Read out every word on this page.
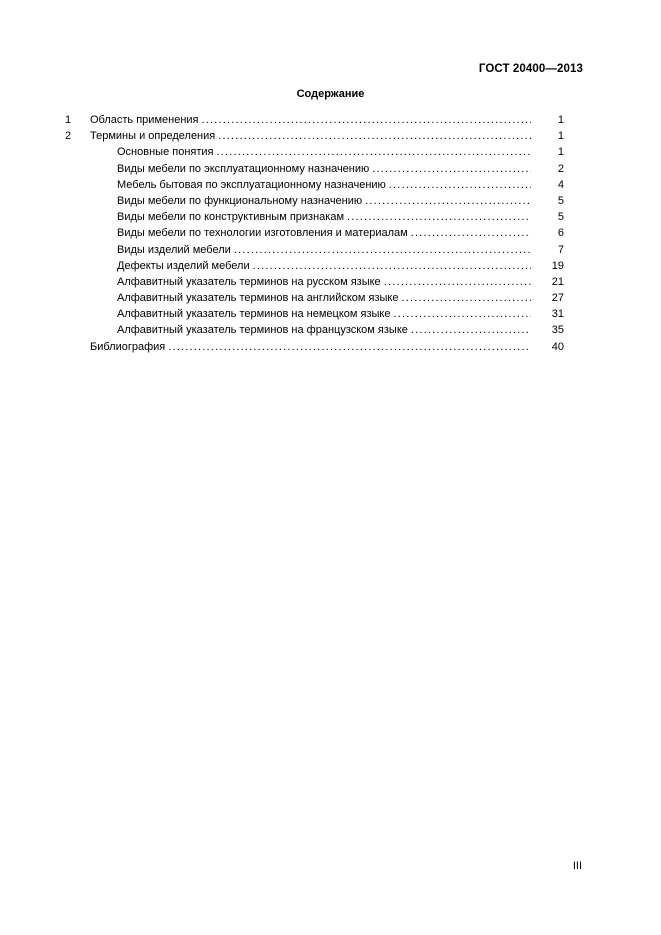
ГОСТ 20400—2013
Содержание
1 Область применения .....	1
2 Термины и определения .....	1
Основные понятия .....	1
Виды мебели по эксплуатационному назначению .....	2
Мебель бытовая по эксплуатационному назначению .....	4
Виды мебели по функциональному назначению .....	5
Виды мебели по конструктивным признакам .....	5
Виды мебели по технологии изготовления и материалам .....	6
Виды изделий мебели .....	7
Дефекты изделий мебели .....	19
Алфавитный указатель терминов на русском языке .....	21
Алфавитный указатель терминов на английском языке .....	27
Алфавитный указатель терминов на немецком языке .....	31
Алфавитный указатель терминов на французском языке .....	35
Библиография .....	40
III
